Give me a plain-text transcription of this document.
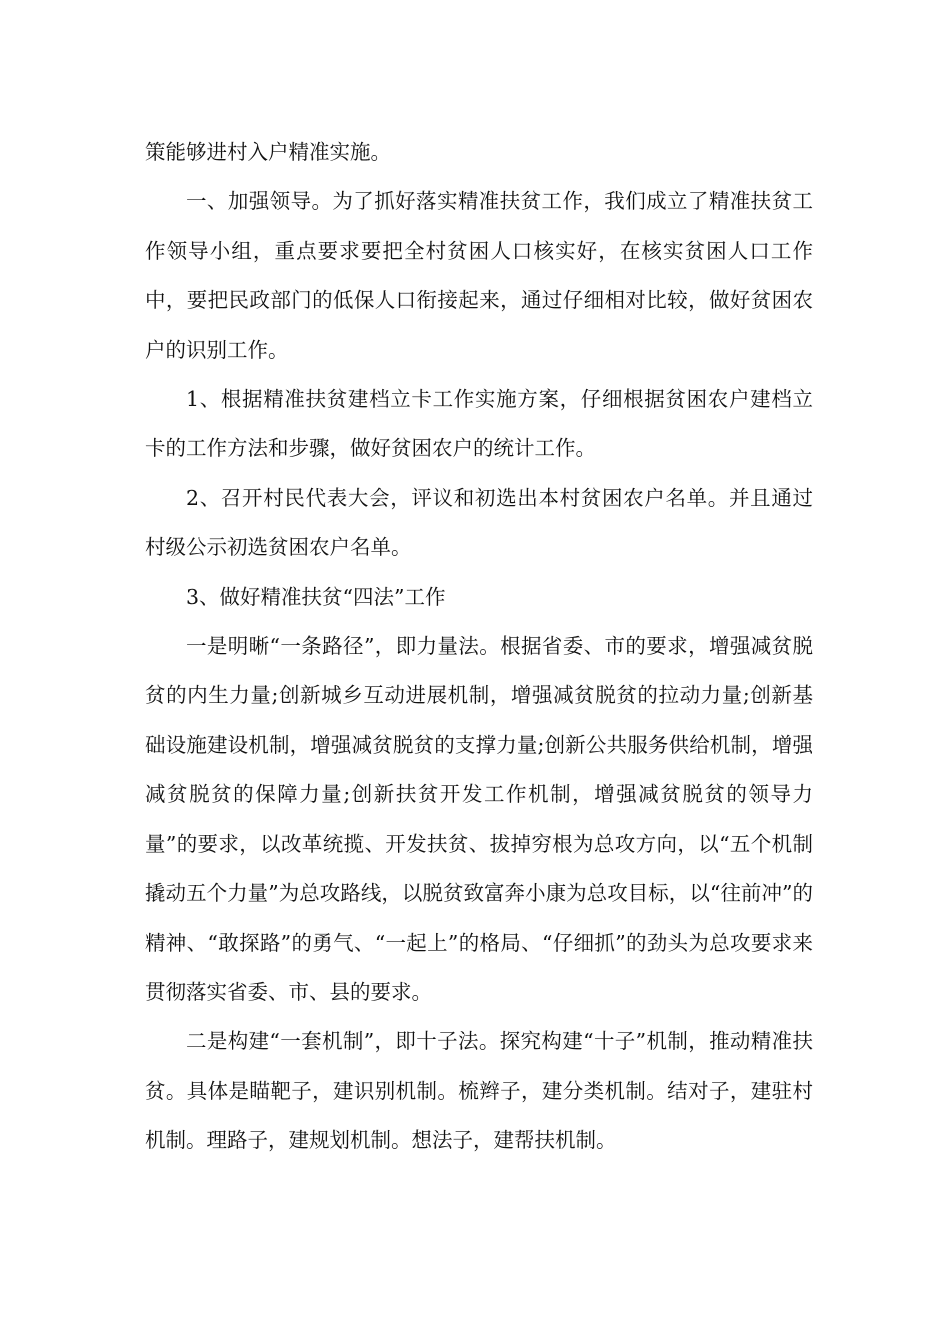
策能够进村入户精准实施。

一、加强领导。为了抓好落实精准扶贫工作，我们成立了精准扶贫工作领导小组，重点要求要把全村贫困人口核实好，在核实贫困人口工作中，要把民政部门的低保人口衔接起来，通过仔细相对比较，做好贫困农户的识别工作。

1、根据精准扶贫建档立卡工作实施方案，仔细根据贫困农户建档立卡的工作方法和步骤，做好贫困农户的统计工作。

2、召开村民代表大会，评议和初选出本村贫困农户名单。并且通过村级公示初选贫困农户名单。

3、做好精准扶贫“四法”工作

一是明晰“一条路径”，即力量法。根据省委、市的要求，增强减贫脱贫的内生力量;创新城乡互动进展机制，增强减贫脱贫的拉动力量;创新基础设施建设机制，增强减贫脱贫的支撑力量;创新公共服务供给机制，增强减贫脱贫的保障力量;创新扶贫开发工作机制，增强减贫脱贫的领导力量”的要求，以改革统揽、开发扶贫、拔掉穷根为总攻方向，以“五个机制撬动五个力量”为总攻路线，以脱贫致富奔小康为总攻目标，以“往前冲”的精神、“敢探路”的勇气、“一起上”的格局、“仔细抓”的劲头为总攻要求来贯彻落实省委、市、县的要求。

二是构建“一套机制”，即十子法。探究构建“十子”机制，推动精准扶贫。具体是瞄靶子，建识别机制。梳辫子，建分类机制。结对子，建驻村机制。理路子，建规划机制。想法子，建帮扶机制。
